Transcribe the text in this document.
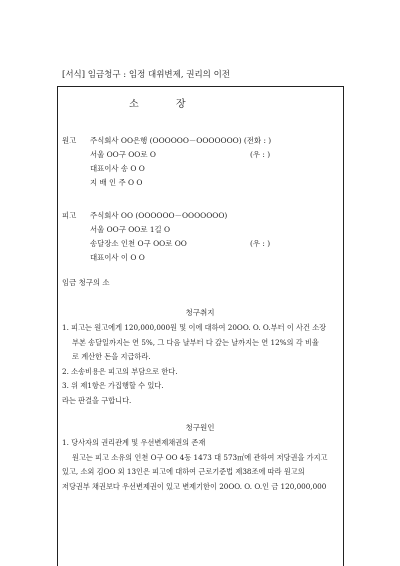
[서식] 임금청구 : 임정 대위변제, 권리의 이전
소	장
원고	주식회사 OO은행 (OOOOOO－OOOOOOO) (전화 : )
서울 OO구 OO로 O	(우 : )
대표이사 송 O O
지 배 인 주 O O
피고	주식회사 OO (OOOOOO－OOOOOOO)
서울 OO구 OO로 1길 O
송달장소 인천 O구 OO로 OO	(우 : )
대표이사 이 O O
임금 청구의 소
청구취지
1. 피고는 원고에게 120,000,000원 및 이에 대하여 20OO. O. O.부터 이 사건 소장
부본 송달일까지는 연 5%, 그 다음 날부터 다 갚는 날까지는 연 12%의 각 비율
로 계산한 돈을 지급하라.
2. 소송비용은 피고의 부담으로 한다.
3. 위 제1항은 가집행할 수 있다.
라는 판결을 구합니다.
청구원인
1. 당사자의 권리관계 및 우선변제채권의 존재
원고는 피고 소유의 인천 O구 OO 4동 1473 대 573㎡에 관하여 저당권을 가지고
있고, 소외 김OO 외 13인은 피고에 대하여 근로기준법 제38조에 따라 원고의
저당권부 채권보다 우선변제권이 있고 변제기한이 20OO. O. O.인 금 120,000,000
